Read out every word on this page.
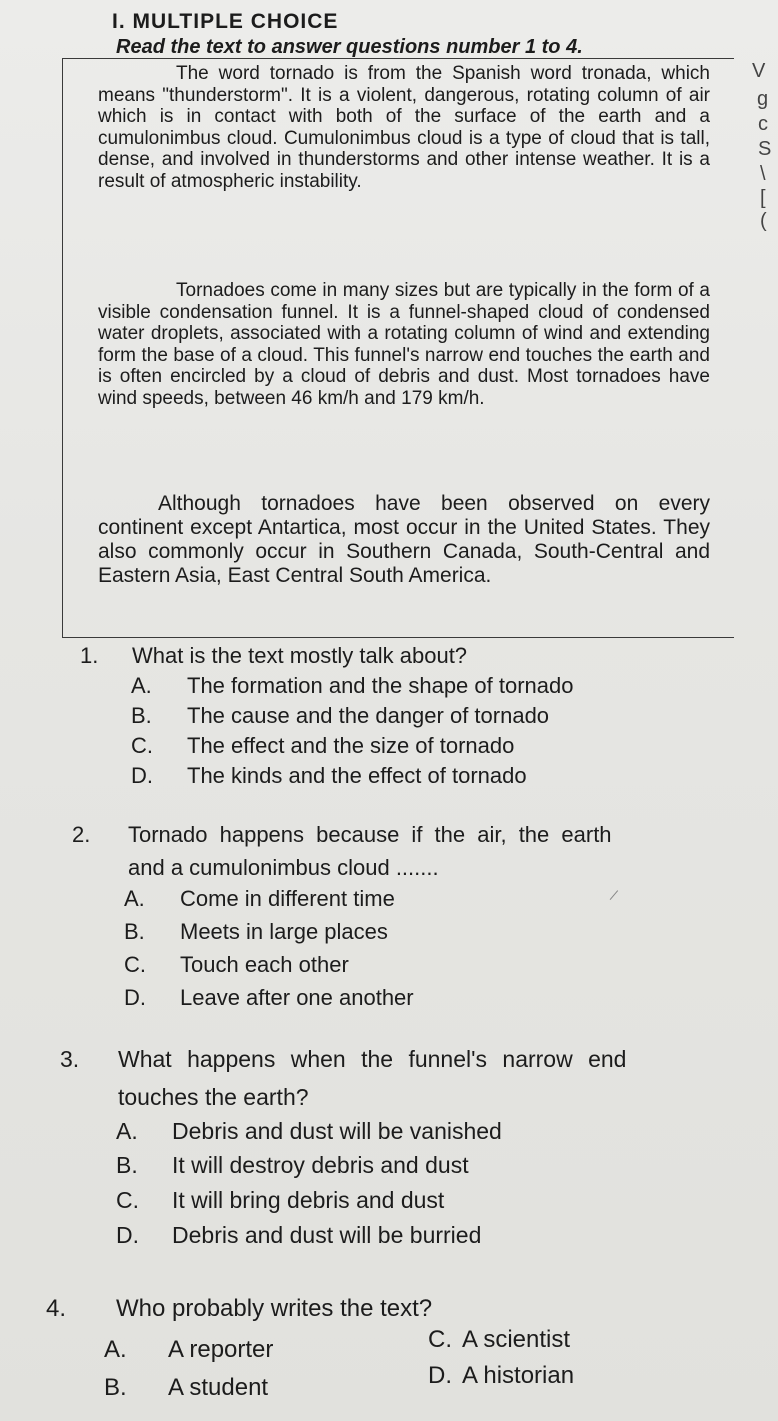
I. MULTIPLE CHOICE
Read the text to answer questions number 1 to 4.
The word tornado is from the Spanish word tronada, which means "thunderstorm". It is a violent, dangerous, rotating column of air which is in contact with both of the surface of the earth and a cumulonimbus cloud. Cumulonimbus cloud is a type of cloud that is tall, dense, and involved in thunderstorms and other intense weather. It is a result of atmospheric instability.
Tornadoes come in many sizes but are typically in the form of a visible condensation funnel. It is a funnel-shaped cloud of condensed water droplets, associated with a rotating column of wind and extending form the base of a cloud. This funnel's narrow end touches the earth and is often encircled by a cloud of debris and dust. Most tornadoes have wind speeds, between 46 km/h and 179 km/h.
Although tornadoes have been observed on every continent except Antartica, most occur in the United States. They also commonly occur in Southern Canada, South-Central and Eastern Asia, East Central South America.
V
g
c
S
\
[
(
1. What is the text mostly talk about?
A. The formation and the shape of tornado
B. The cause and the danger of tornado
C. The effect and the size of tornado
D. The kinds and the effect of tornado
2. Tornado happens because if the air, the earth
and a cumulonimbus cloud .......
A. Come in different time
B. Meets in large places
C. Touch each other
D. Leave after one another
3. What happens when the funnel's narrow end
touches the earth?
A. Debris and dust will be vanished
B. It will destroy debris and dust
C. It will bring debris and dust
D. Debris and dust will be burried
4. Who probably writes the text?
A. A reporter
B. A student
C. A scientist
D. A historian
